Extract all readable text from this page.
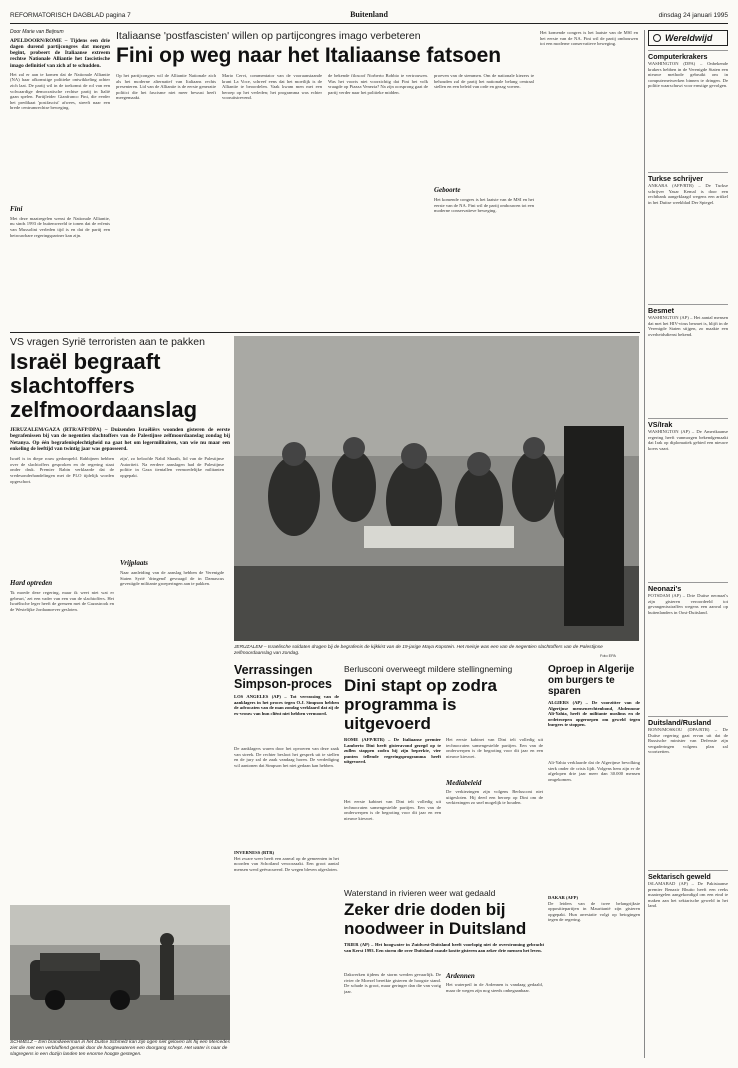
REFORMATORISCH DAGBLAD pagina 7	Buitenland	dinsdag 24 januari 1995
Door Marie van Beijnum
APELDOORN/ROME – Tijdens een drie dagen durend partijcongres dat morgen begint, probeert de Italiaanse extreem rechtse Nationale Alliantie het fascistische imago definitief van zich af te schudden.
Het zal er aan te komen dat de Nationale Alliantie (NA) haar afkomstige politieke ontwikkeling achter zich laat. De partij wil in de toekomst de rol van een volwaardige democratische rechtse partij in Italië gaan spelen. Partijleider Gianfranco Fini, die eerder het predikaat 'postfascist' afwees, streeft naar een brede centrumrechtse beweging.
Fini
Met deze maatregelen wenst de Nationale Alliantie, nu sinds 1993 de buitenwereld te tonen dat de erfenis van Mussolini verleden tijd is en dat de partij een betrouwbare regeringspartner kan zijn.
Italiaanse 'postfascisten' willen op partijcongres imago verbeteren
Fini op weg naar het Italiaanse fatsoen
Op het partijcongres wil de Alliantie Nationale zich als het moderne alternatief van Italiaans rechts presenteren. Lid van de Alliantie is de eerste generatie politici die het fascisme niet meer bewust heeft meegemaakt.
Mario Cervi, commentator van de vooraanstaande krant La Voce, schreef eens dat het moeilijk is de Alliantie te beoordelen. Vaak kwam men met een beroep op het verleden; het programma was echter vooruitstrevend.
de bekende filosoof Norberto Bobbio te vertrouwen. Was het voorts niet voorzichtig dat Fini het volk vraagde op Piazza Venezia? Na zijn oorsprong gaat de partij verder naar het politieke midden.
proeven van de stemmen. Om de nationale kiezers te behouden zal de partij het nationale belang centraal stellen en een beleid van orde en gezag voeren.
Geboorte
Het komende congres is het laatste van de MSI en het eerste van de NA. Fini wil de partij ombouwen tot een moderne conservatieve beweging.
Het komende congres is het laatste van de MSI en het eerste van de NA. Fini wil de partij ombouwen tot een moderne conservatieve beweging.
VS vragen Syrië terroristen aan te pakken
Israël begraaft slachtoffers zelfmoordaanslag
JERUZALEM/GAZA (RTR/AFP/DPA) – Duizenden Israëliërs woonden gisteren de eerste begrafenissen bij van de negentien slachtoffers van de Palestijnse zelfmoordaanslag zondag bij Netanya. Op één begrafenisplechtigheid na gaat het om legermilitairen, van wie nu maar een enkeling de leeftijd van twintig jaar was gepasseerd.
Israël is in diepe rouw gedompeld. Rabbijnen hebben over de slachtoffers gesproken en de regering staat onder druk. Premier Rabin verklaarde dat de vredesonderhandelingen met de PLO tijdelijk worden opgeschort.
Hard optreden
'Ik moede deze regering, maar ik weet niet wat er gebeurt,' zei een vader van een van de slachtoffers. Het Israëlische leger heeft de grenzen met de Gazastrook en de Westelijke Jordaanoever gesloten.
zijn', zo beloofde Nabil Shaath, lid van de Palestijnse Autoriteit. Na eerdere aanslagen had de Palestijnse politie in Gaza tientallen vermoedelijke militanten opgepakt.
Vrijplaats
Naar aanleiding van de aanslag hebben de Verenigde Staten Syrië 'dringend' gevraagd de in Damascus gevestigde militante groeperingen aan te pakken.
JERUZALEM – Israëlische soldaten dragen bij de begrafenis de kijkkist van de 19-jarige Maya Kopstein. Het meisje was een van de negentien slachtoffers van de Palestijnse zelfmoordaanslag van zondag.
Foto EPA
SCHMELZ – Een brandweerman in het Duitse Schmelz kan zijn ogen niet geloven als hij een Mercedes ziet die met een verbluffend gemak door de hoogtewateren een doorgang schept. Het water is naar de slagregens in een dozijn landen ten enorme hoogte gestegen.
Verrassingen Simpson-proces
LOS ANGELES (AP) – Tot verrassing van de aanklagers in het proces tegen O.J. Simpson hebben de advocaten van de man zondag verklaard dat zij de ex-vrouw van hun cliënt niet hebben vermoord.
De aanklagers waren door het opvoeren van deze zaak van streek. De rechter besloot het gesprek uit te stellen en de jury zal de zaak vandaag horen. De verdediging wil aantonen dat Simpson het niet gedaan kan hebben.
INVERNESS (RTR)
Het zware weer heeft een aanval op de gemeenten in het noorden van Schotland veroorzaakt. Een groot aantal mensen werd geëvacueerd. De wegen bleven afgesloten.
Berlusconi overweegt mildere stellingneming
Dini stapt op zodra programma is uitgevoerd
ROME (AFP/RTR) – De Italiaanse premier Lamberto Dini heeft gisteravond gezegd op te zullen stappen zodra hij zijn beperkte, vier punten tellende regeringsprogramma heeft uitgevoerd.
Het eerste kabinet van Dini telt volledig uit technocraten samengestelde partijen. Een van de onderwerpen is de begroting voor dit jaar en een nieuwe kieswet.
Het eerste kabinet van Dini telt volledig uit technocraten samengestelde partijen. Een van de onderwerpen is de begroting voor dit jaar en een nieuwe kieswet.
Mediabeleid
De verkiezingen zijn volgens Berlusconi niet uitgesloten. Hij deed een beroep op Dini om de verkiezingen zo snel mogelijk te houden.
Oproep in Algerije om burgers te sparen
ALGIERS (AP) – De voorzitter van de Algerijnse mensenrechtenbond, Abdennour Ali-Yahia, heeft de militante moslims en de ordetroepen opgeroepen om geweld tegen burgers te stoppen.
Ali-Yahia verklaarde dat de Algerijnse bevolking sterk onder de crisis lijdt. Volgens hem zijn er de afgelopen drie jaar meer dan 30.000 mensen omgekomen.
Waterstand in rivieren weer wat gedaald
Zeker drie doden bij noodweer in Duitsland
TRIER (AP) – Het hoogwater in Zuidwest-Duitsland heeft voorlopig niet de overstroming gebracht van Kerst 1993. Een storm die over Duitsland raasde kostte gisteren aan zeker drie mensen het leven.
Dakwerken tijdens de storm werden gevaarlijk. De rivier de Moezel bereikte gisteren de hoogste stand. De schade is groot, maar geringer dan die van vorig jaar.
Ardennen
Het waterpeil in de Ardennen is vandaag gedaald, maar de wegen zijn nog steeds onbegaanbaar.
DAKAR (AFP)
De leiders van de twee belangrijkste oppositiepartijen in Mauritanië zijn gisteren opgepakt. Hun arrestatie volgt op betogingen tegen de regering.
Wereldwijd
Computerkrakers
WASHINGTON (DPA) – Onbekende krakers hebben in de Verenigde Staten een nieuwe methode gebruikt om in computernetwerken binnen te dringen. De politie waarschuwt voor ernstige gevolgen.
Turkse schrijver
ANKARA (AFP/RTR) – De Turkse schrijver Yasar Kemal is door een rechtbank aangeklaagd wegens een artikel in het Duitse weekblad Der Spiegel.
Besmet
WASHINGTON (AP) – Het aantal mensen dat met het HIV-virus besmet is, blijft in de Verenigde Staten stijgen, zo maakte een overheidsdienst bekend.
VS/Irak
WASHINGTON (AP) – De Amerikaanse regering heeft vanmorgen bekendgemaakt dat Irak op diplomatiek gebied een nieuwe koers vaart.
Neonazi's
POTSDAM (AP) – Drie Duitse neonazi's zijn gisteren veroordeeld tot gevangenisstraffen wegens een aanval op buitenlanders in Oost-Duitsland.
Duitsland/Rusland
BONN/MOSKOU (DPA/RTR) – De Duitse regering gaat ervan uit dat de Russische minister van Defensie zijn vergaderingen volgens plan zal voortzetten.
Sektarisch geweld
ISLAMABAD (AP) – De Pakistaanse premier Benazir Bhutto heeft een reeks maatregelen aangekondigd om een eind te maken aan het sektarische geweld in het land.
